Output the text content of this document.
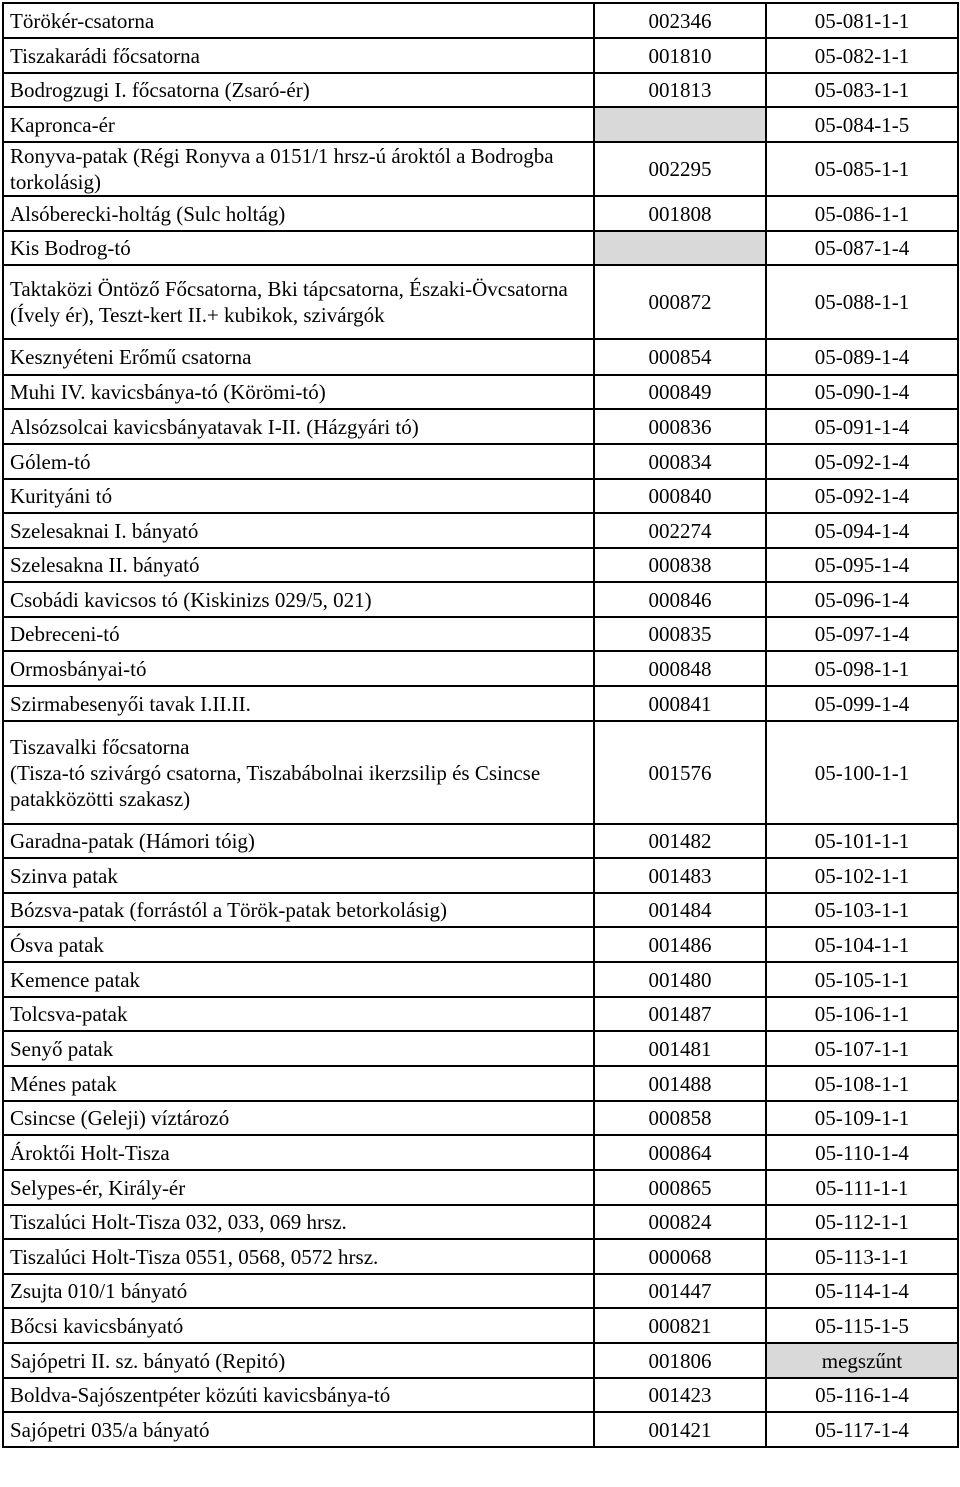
Törökér-csatorna	002346	05-081-1-1
Tiszakarádi főcsatorna	001810	05-082-1-1
Bodrogzugi I. főcsatorna (Zsaró-ér)	001813	05-083-1-1
Kapronca-ér		05-084-1-5
Ronyva-patak (Régi Ronyva a 0151/1 hrsz-ú ároktól a Bodrogba torkolásig)	002295	05-085-1-1
Alsóberecki-holtág (Sulc holtág)	001808	05-086-1-1
Kis Bodrog-tó		05-087-1-4
Taktaközi Öntöző Főcsatorna, Bki tápcsatorna, Északi-Övcsatorna (Ívely ér), Teszt-kert II.+ kubikok, szivárgók	000872	05-088-1-1
Kesznyéteni Erőmű csatorna	000854	05-089-1-4
Muhi IV. kavicsbánya-tó (Körömi-tó)	000849	05-090-1-4
Alsózsolcai kavicsbányatavak I-II. (Házgyári tó)	000836	05-091-1-4
Gólem-tó	000834	05-092-1-4
Kurityáni tó	000840	05-092-1-4
Szelesaknai I. bányató	002274	05-094-1-4
Szelesakna II. bányató	000838	05-095-1-4
Csobádi kavicsos tó (Kiskinizs 029/5, 021)	000846	05-096-1-4
Debreceni-tó	000835	05-097-1-4
Ormosbányai-tó	000848	05-098-1-1
Szirmabesenyői tavak I.II.II.	000841	05-099-1-4
Tiszavalki főcsatorna
(Tisza-tó szivárgó csatorna, Tiszabábolnai ikerzsilip és Csincse patakközötti szakasz)	001576	05-100-1-1
Garadna-patak (Hámori tóig)	001482	05-101-1-1
Szinva patak	001483	05-102-1-1
Bózsva-patak (forrástól a Török-patak betorkolásig)	001484	05-103-1-1
Ósva patak	001486	05-104-1-1
Kemence patak	001480	05-105-1-1
Tolcsva-patak	001487	05-106-1-1
Senyő patak	001481	05-107-1-1
Ménes patak	001488	05-108-1-1
Csincse (Geleji) víztározó	000858	05-109-1-1
Ároktői Holt-Tisza	000864	05-110-1-4
Selypes-ér, Király-ér	000865	05-111-1-1
Tiszalúci Holt-Tisza 032, 033, 069 hrsz.	000824	05-112-1-1
Tiszalúci Holt-Tisza 0551, 0568, 0572 hrsz.	000068	05-113-1-1
Zsujta 010/1 bányató	001447	05-114-1-4
Bőcsi kavicsbányató	000821	05-115-1-5
Sajópetri II. sz. bányató (Repitó)	001806	megszűnt
Boldva-Sajószentpéter közúti kavicsbánya-tó	001423	05-116-1-4
Sajópetri 035/a bányató	001421	05-117-1-4
